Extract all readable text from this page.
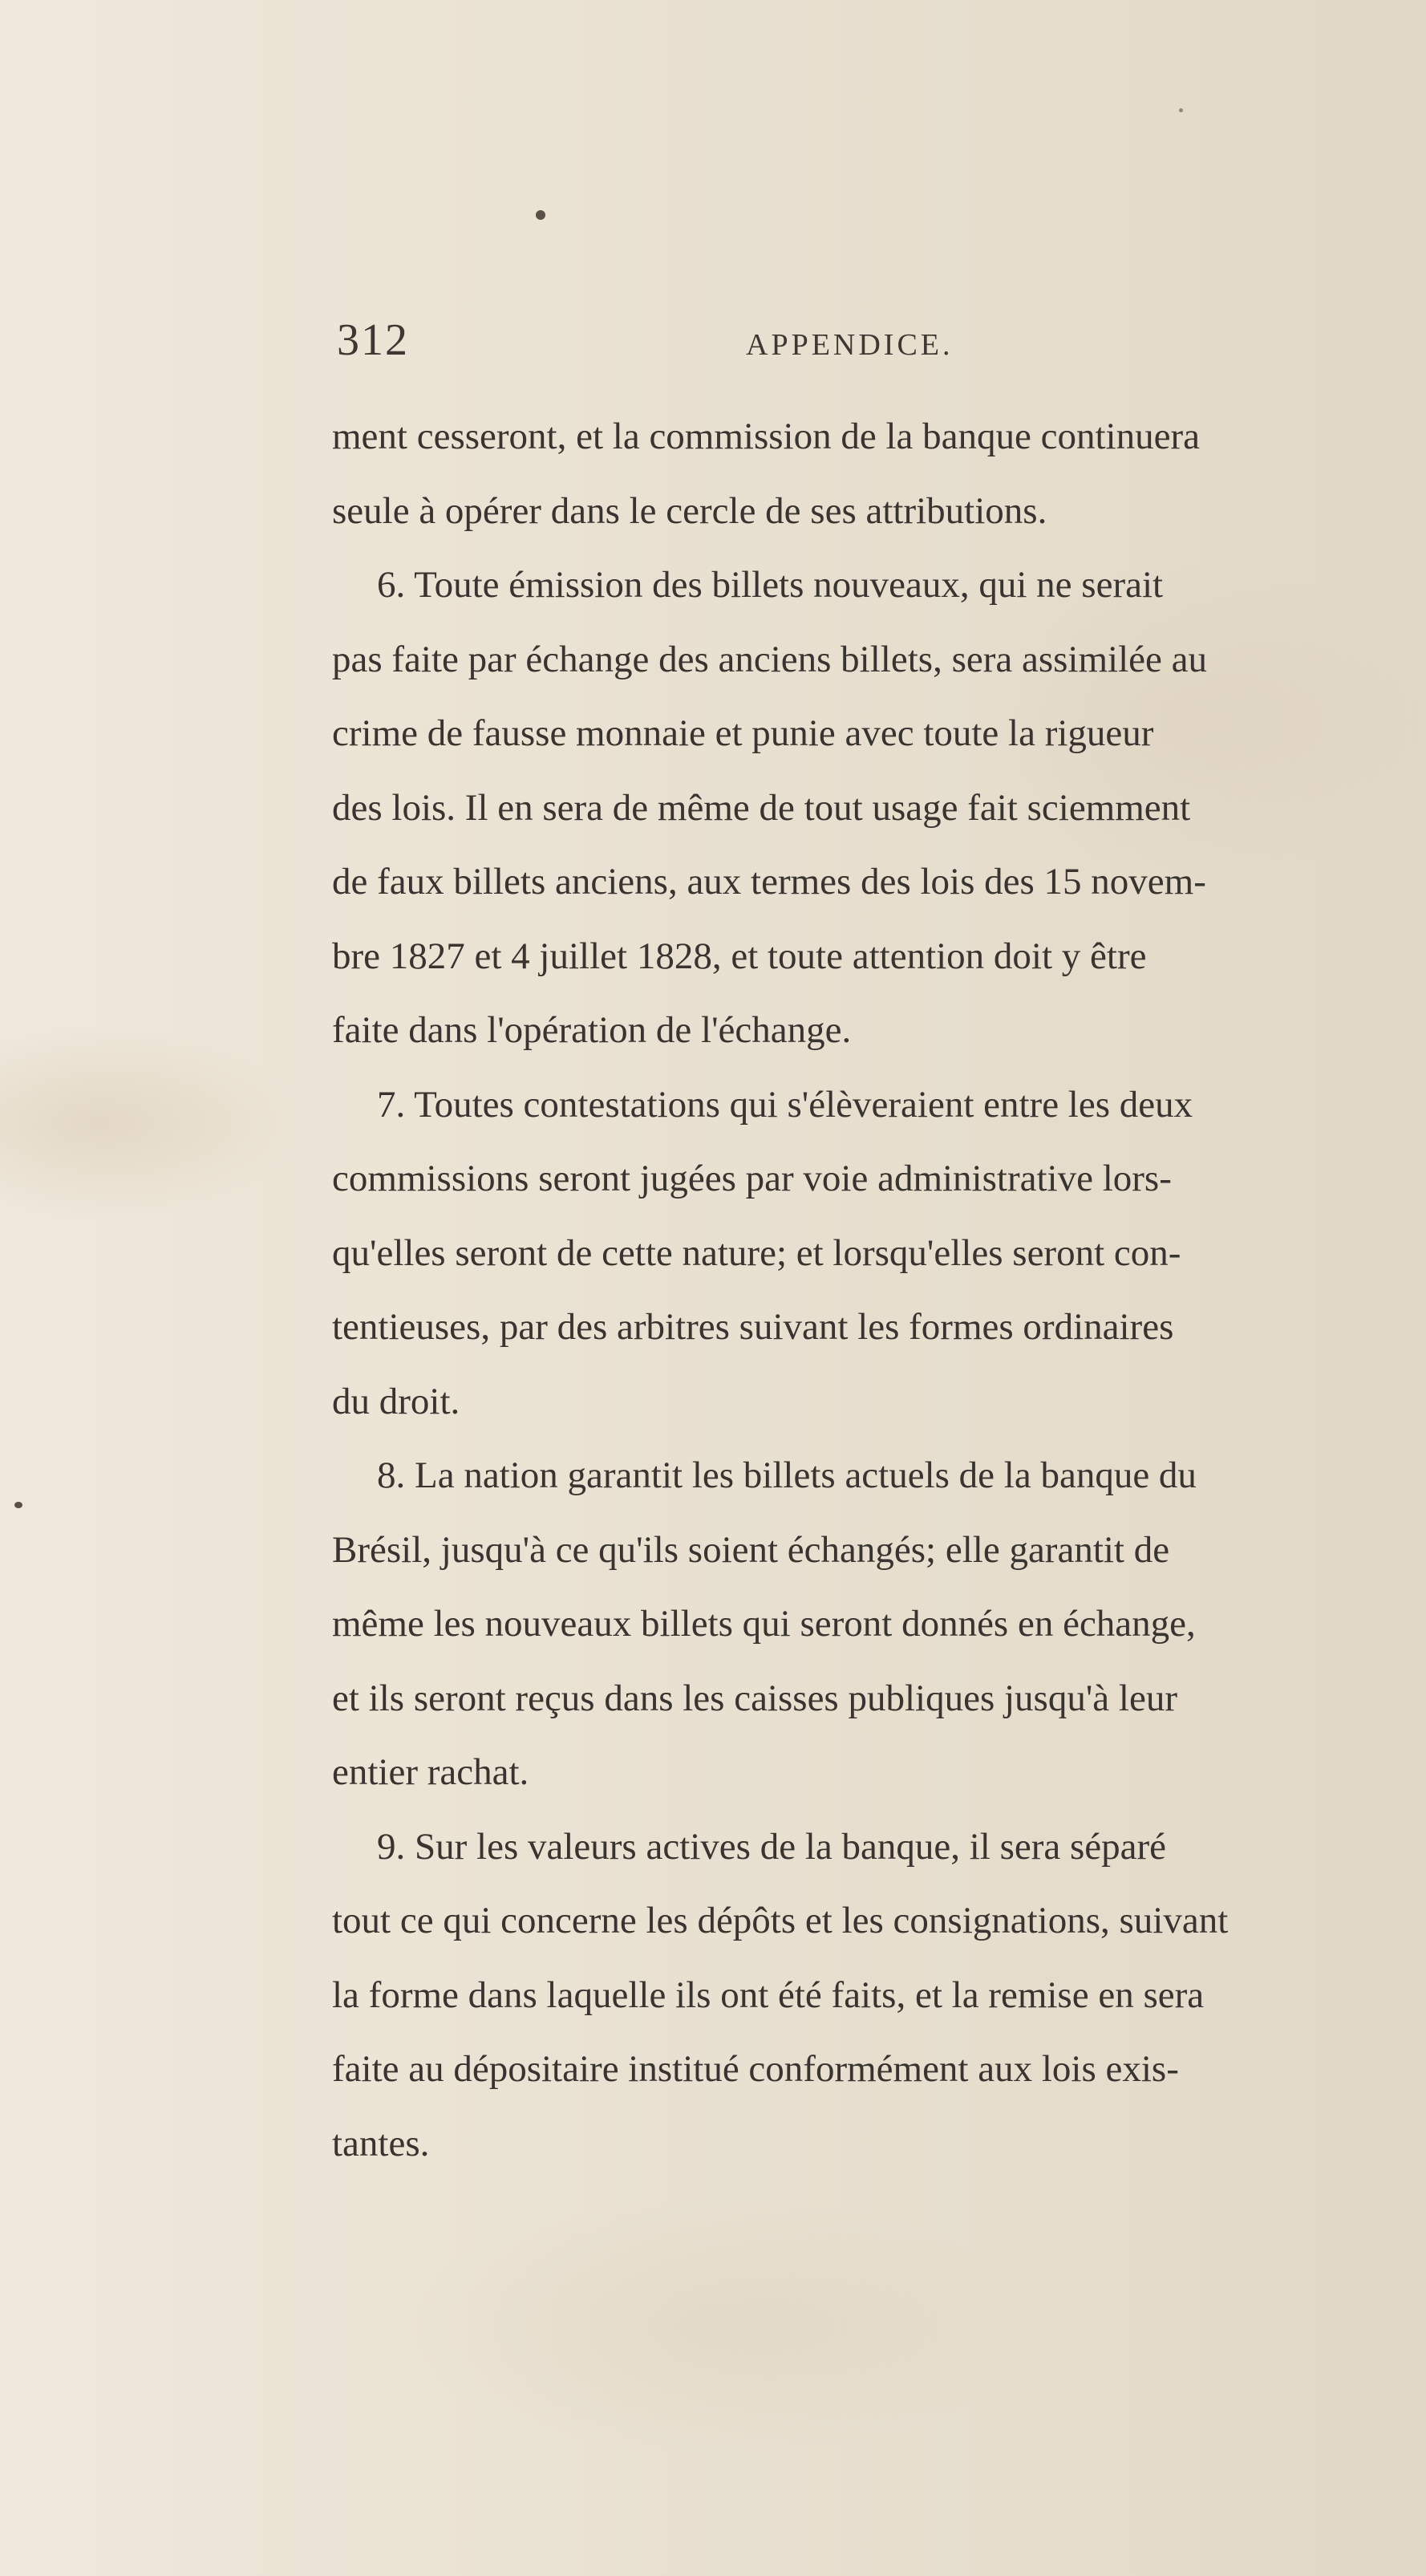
312	APPENDICE.

ment cesseront, et la commission de la banque continuera
seule à opérer dans le cercle de ses attributions.

6. Toute émission des billets nouveaux, qui ne serait
pas faite par échange des anciens billets, sera assimilée au
crime de fausse monnaie et punie avec toute la rigueur
des lois. Il en sera de même de tout usage fait sciemment
de faux billets anciens, aux termes des lois des 15 novem-
bre 1827 et 4 juillet 1828, et toute attention doit y être
faite dans l'opération de l'échange.

7. Toutes contestations qui s'élèveraient entre les deux
commissions seront jugées par voie administrative lors-
qu'elles seront de cette nature; et lorsqu'elles seront con-
tentieuses, par des arbitres suivant les formes ordinaires
du droit.

8. La nation garantit les billets actuels de la banque du
Brésil, jusqu'à ce qu'ils soient échangés; elle garantit de
même les nouveaux billets qui seront donnés en échange,
et ils seront reçus dans les caisses publiques jusqu'à leur
entier rachat.

9. Sur les valeurs actives de la banque, il sera séparé
tout ce qui concerne les dépôts et les consignations, suivant
la forme dans laquelle ils ont été faits, et la remise en sera
faite au dépositaire institué conformément aux lois exis-
tantes.
